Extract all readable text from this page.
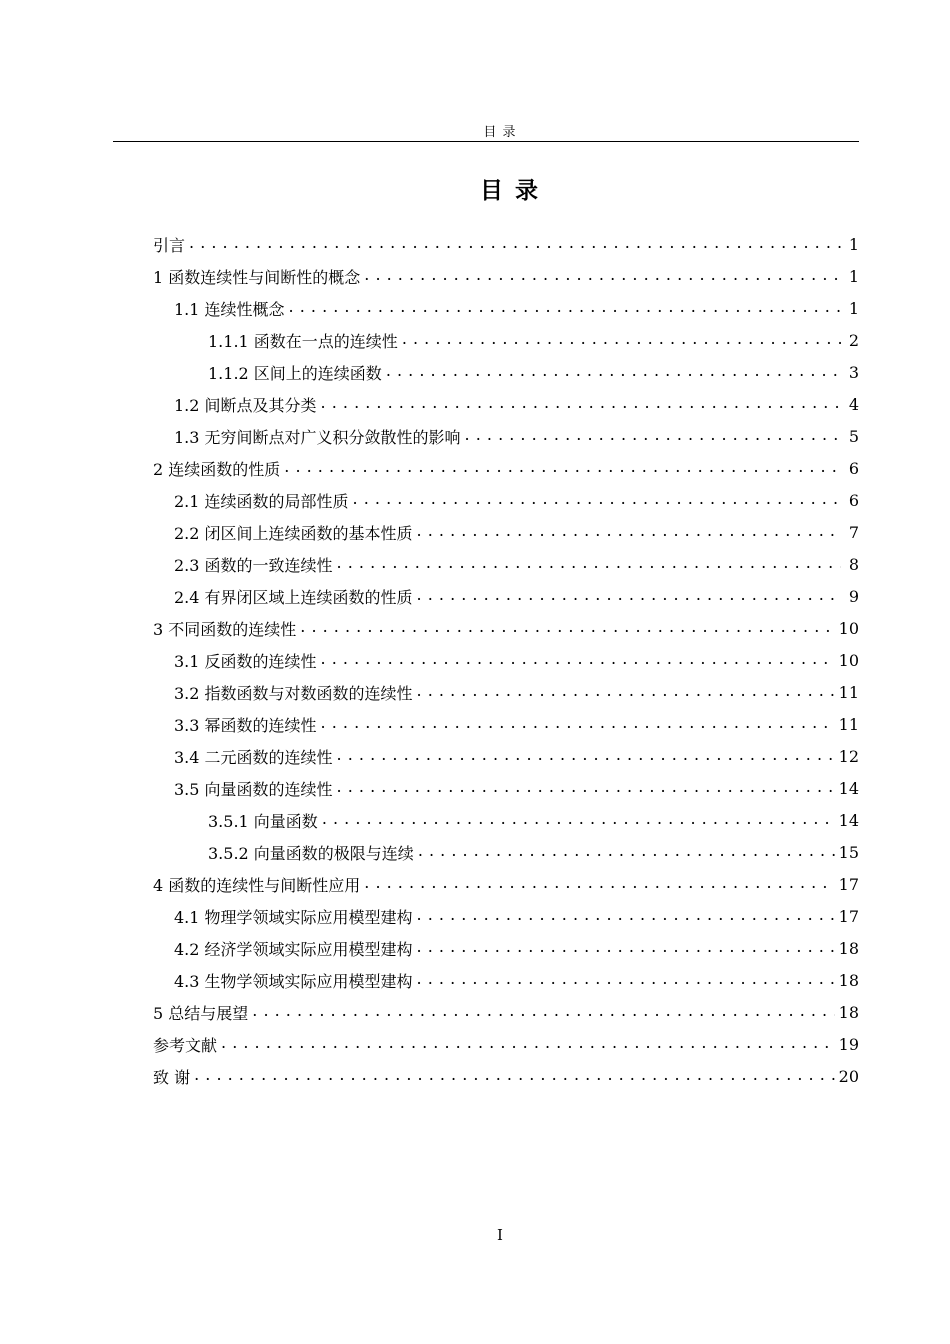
目 录
目 录
引言 . . .	1
1 函数连续性与间断性的概念 . . .	1
1.1 连续性概念 . . .	1
1.1.1 函数在一点的连续性 . . .	2
1.1.2 区间上的连续函数 . . .	3
1.2 间断点及其分类 . . .	4
1.3 无穷间断点对广义积分敛散性的影响 . . .	5
2 连续函数的性质 . . .	6
2.1 连续函数的局部性质 . . .	6
2.2 闭区间上连续函数的基本性质 . . .	7
2.3 函数的一致连续性 . . .	8
2.4 有界闭区域上连续函数的性质 . . .	9
3 不同函数的连续性 . . .	10
3.1 反函数的连续性 . . .	10
3.2 指数函数与对数函数的连续性 . . .	11
3.3 幂函数的连续性 . . .	11
3.4 二元函数的连续性 . . .	12
3.5 向量函数的连续性 . . .	14
3.5.1 向量函数 . . .	14
3.5.2 向量函数的极限与连续 . . .	15
4 函数的连续性与间断性应用 . . .	17
4.1 物理学领域实际应用模型建构 . . .	17
4.2 经济学领域实际应用模型建构 . . .	18
4.3 生物学领域实际应用模型建构 . . .	18
5 总结与展望 . . .	18
参考文献 . . .	19
致 谢 . . .	20
I
